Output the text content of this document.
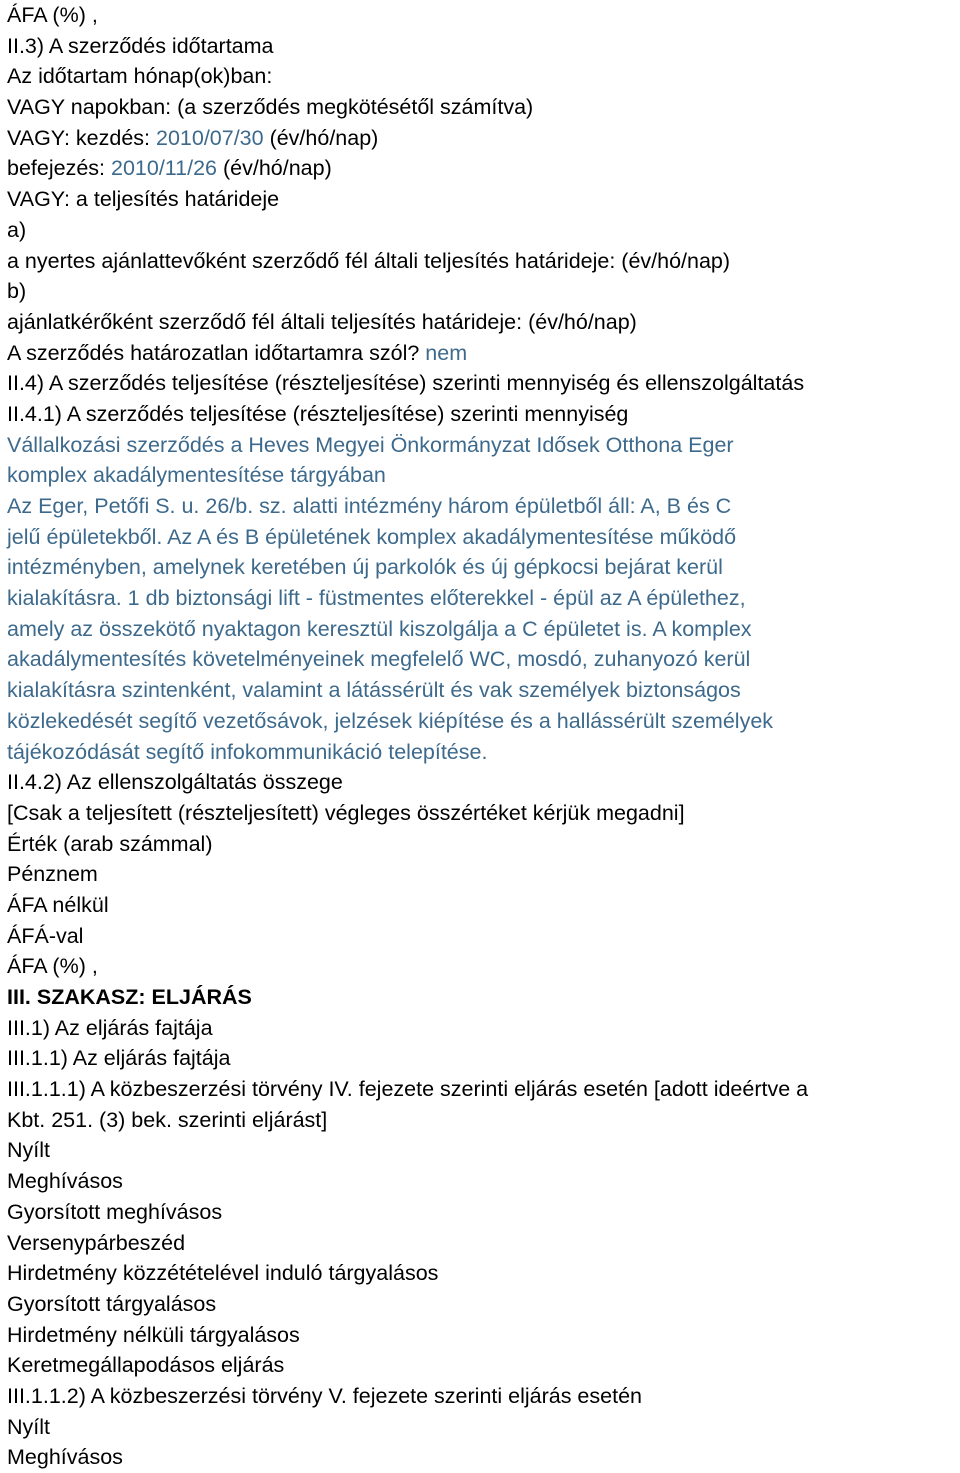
ÁFA (%) ,
II.3) A szerződés időtartama
Az időtartam hónap(ok)ban:
VAGY napokban: (a szerződés megkötésétől számítva)
VAGY: kezdés: 2010/07/30 (év/hó/nap)
befejezés: 2010/11/26 (év/hó/nap)
VAGY: a teljesítés határideje
a)
a nyertes ajánlattevőként szerződő fél általi teljesítés határideje: (év/hó/nap)
b)
ajánlatkérőként szerződő fél általi teljesítés határideje: (év/hó/nap)
A szerződés határozatlan időtartamra szól? nem
II.4) A szerződés teljesítése (részteljesítése) szerinti mennyiség és ellenszolgáltatás
II.4.1) A szerződés teljesítése (részteljesítése) szerinti mennyiség
Vállalkozási szerződés a Heves Megyei Önkormányzat Idősek Otthona Eger
komplex akadálymentesítése tárgyában
Az Eger, Petőfi S. u. 26/b. sz. alatti intézmény három épületből áll: A, B és C
jelű épületekből. Az A és B épületének komplex akadálymentesítése működő
intézményben, amelynek keretében új parkolók és új gépkocsi bejárat kerül
kialakításra. 1 db biztonsági lift - füstmentes előterekkel - épül az A épülethez,
amely az összekötő nyaktagon keresztül kiszolgálja a C épületet is. A komplex
akadálymentesítés követelményeinek megfelelő WC, mosdó, zuhanyozó kerül
kialakításra szintenként, valamint a látássérült és vak személyek biztonságos
közlekedését segítő vezetősávok, jelzések kiépítése és a hallássérült személyek
tájékozódását segítő infokommunikáció telepítése.
II.4.2) Az ellenszolgáltatás összege
[Csak a teljesített (részteljesített) végleges összértéket kérjük megadni]
Érték (arab számmal)
Pénznem
ÁFA nélkül
ÁFÁ-val
ÁFA (%) ,
III. SZAKASZ: ELJÁRÁS
III.1) Az eljárás fajtája
III.1.1) Az eljárás fajtája
III.1.1.1) A közbeszerzési törvény IV. fejezete szerinti eljárás esetén [adott ideértve a
Kbt. 251. (3) bek. szerinti eljárást]
Nyílt
Meghívásos
Gyorsított meghívásos
Versenypárbeszéd
Hirdetmény közzétételével induló tárgyalásos
Gyorsított tárgyalásos
Hirdetmény nélküli tárgyalásos
Keretmegállapodásos eljárás
III.1.1.2) A közbeszerzési törvény V. fejezete szerinti eljárás esetén
Nyílt
Meghívásos
